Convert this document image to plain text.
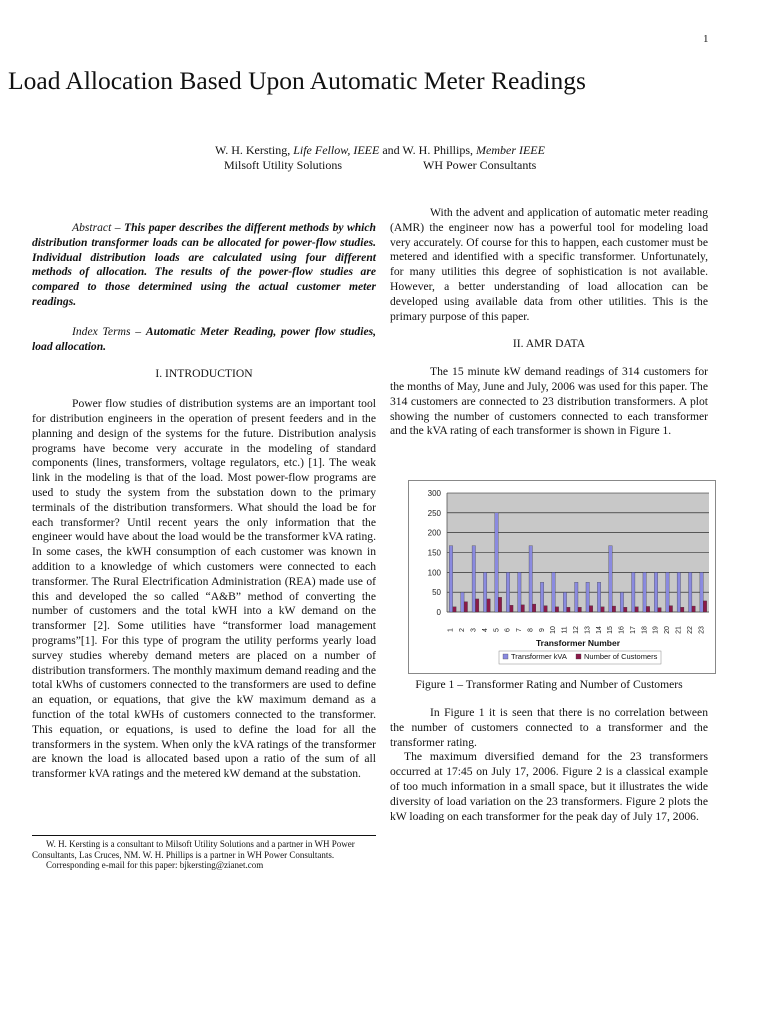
1
Load Allocation Based Upon Automatic Meter Readings
W. H. Kersting, Life Fellow, IEEE and W. H. Phillips, Member IEEE
Milsoft Utility Solutions	WH Power Consultants

Abstract – This paper describes the different methods by which distribution transformer loads can be allocated for power-flow studies. Individual distribution loads are calculated using four different methods of allocation. The results of the power-flow studies are compared to those determined using the actual customer meter readings.

Index Terms – Automatic Meter Reading, power flow studies, load allocation.

I. INTRODUCTION

Power flow studies of distribution systems are an important tool for distribution engineers in the operation of present feeders and in the planning and design of the systems for the future. Distribution analysis programs have become very accurate in the modeling of standard components (lines, transformers, voltage regulators, etc.) [1]. The weak link in the modeling is that of the load. Most power-flow programs are used to study the system from the substation down to the primary terminals of the distribution transformers. What should the load be for each transformer? Until recent years the only information that the engineer would have about the load would be the transformer kVA rating. In some cases, the kWH consumption of each customer was known in addition to a knowledge of which customers were connected to each transformer. The Rural Electrification Administration (REA) made use of this and developed the so called “A&B” method of converting the number of customers and the total kWH into a kW demand on the transformer [2]. Some utilities have “transformer load management programs”[1]. For this type of program the utility performs yearly load survey studies whereby demand meters are placed on a number of distribution transformers. The monthly maximum demand reading and the total kWhs of customers connected to the transformers are used to define an equation, or equations, that give the kW maximum demand as a function of the total kWHs of customers connected to the transformer. This equation, or equations, is used to define the load for all the transformers in the system. When only the kVA ratings of the transformer are known the load is allocated based upon a ratio of the sum of all transformer kVA ratings and the metered kW demand at the substation.

W. H. Kersting is a consultant to Milsoft Utility Solutions and a partner in WH Power Consultants, Las Cruces, NM. W. H. Phillips is a partner in WH Power Consultants.

Corresponding e-mail for this paper: bjkersting@zianet.com

With the advent and application of automatic meter reading (AMR) the engineer now has a powerful tool for modeling load very accurately. Of course for this to happen, each customer must be metered and identified with a specific transformer. Unfortunately, for many utilities this degree of sophistication is not available. However, a better understanding of load allocation can be developed using available data from other utilities. This is the primary purpose of this paper.

II. AMR DATA

The 15 minute kW demand readings of 314 customers for the months of May, June and July, 2006 was used for this paper. The 314 customers are connected to 23 distribution transformers. A plot showing the number of customers connected to each transformer and the kVA rating of each transformer is shown in Figure 1.

0
50
100
150
200
250
300
1 2 3 4 5 6 7 8 9 10 11 12 13 14 15 16 17 18 19 20 21 22 23
Transformer Number
Transformer kVA Number of Customers
Figure 1 – Transformer Rating and Number of Customers

In Figure 1 it is seen that there is no correlation between the number of customers connected to a transformer and the transformer rating.

The maximum diversified demand for the 23 transformers occurred at 17:45 on July 17, 2006. Figure 2 is a classical example of too much information in a small space, but it illustrates the wide diversity of load variation on the 23 transformers. Figure 2 plots the kW loading on each transformer for the peak day of July 17, 2006.
